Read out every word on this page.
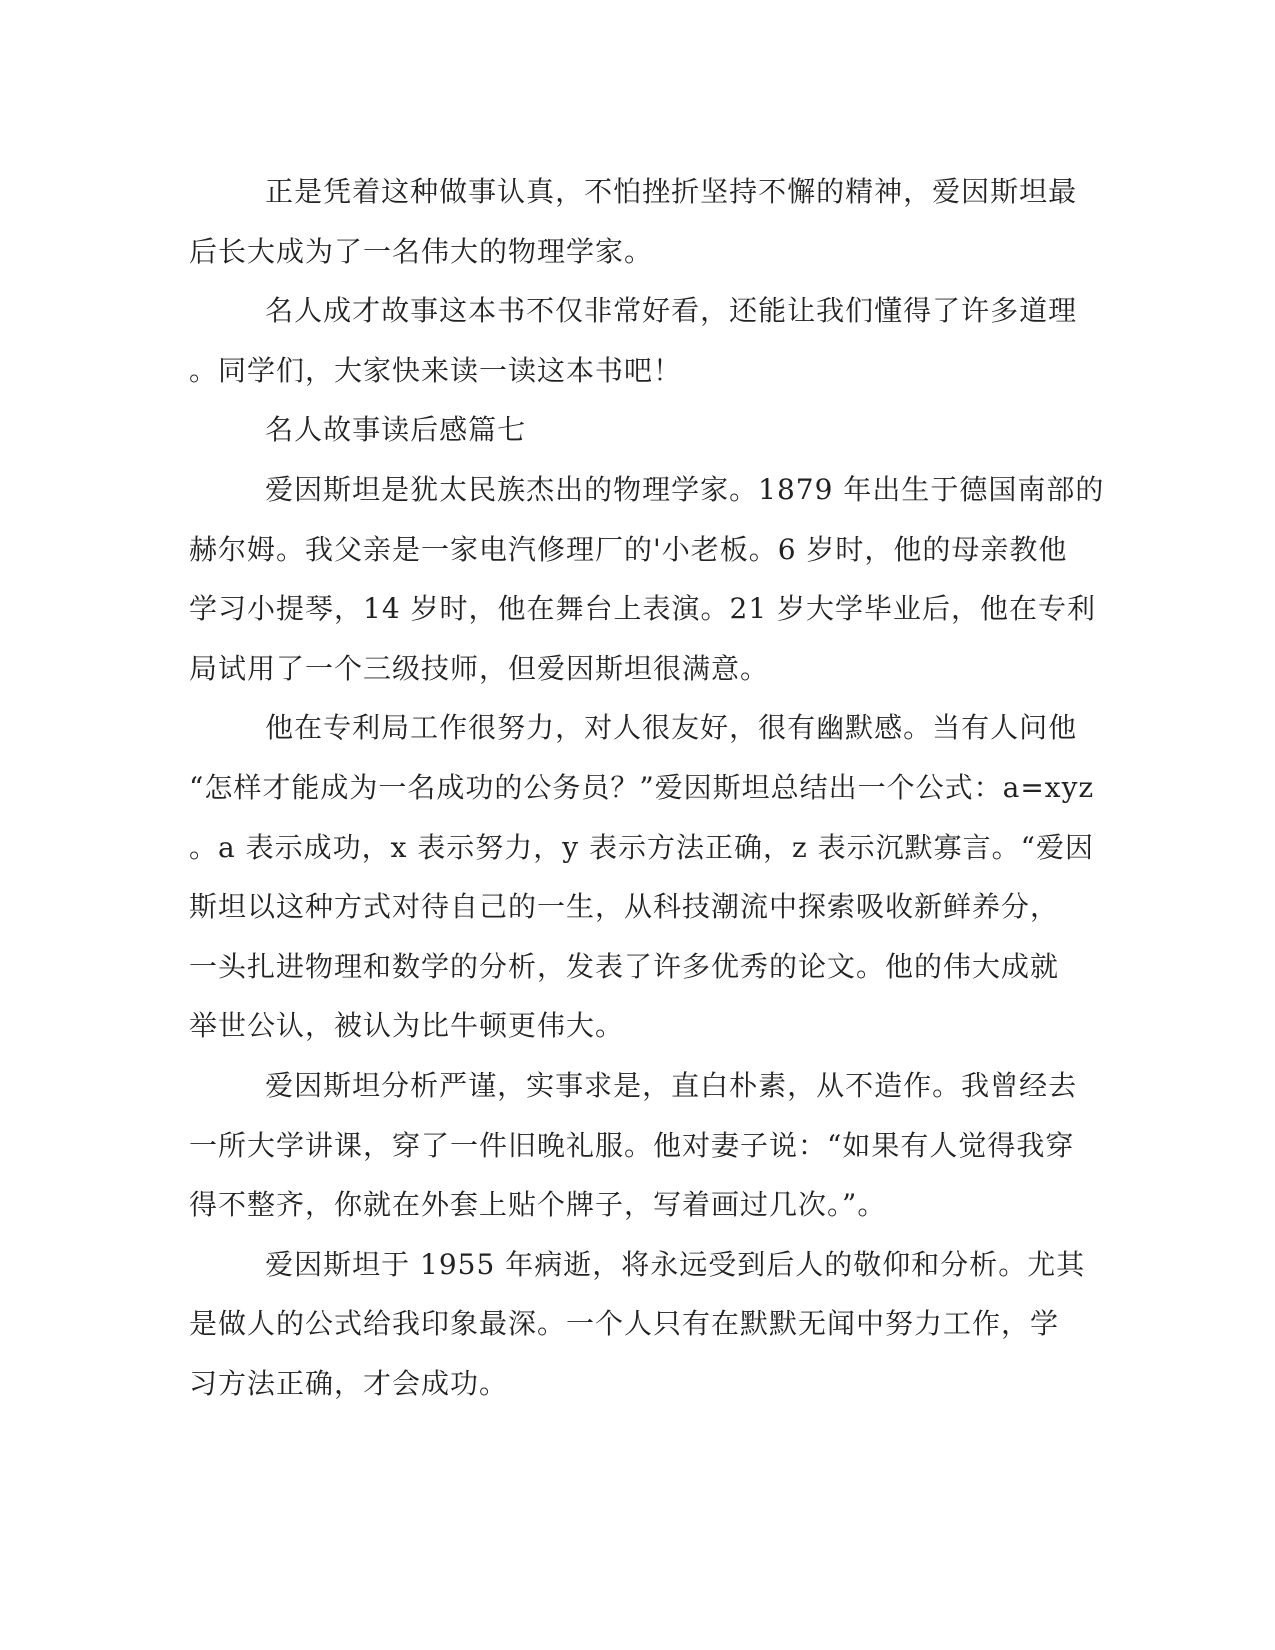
正是凭着这种做事认真，不怕挫折坚持不懈的精神，爱因斯坦最
后长大成为了一名伟大的物理学家。

名人成才故事这本书不仅非常好看，还能让我们懂得了许多道理
。同学们，大家快来读一读这本书吧！

名人故事读后感篇七

爱因斯坦是犹太民族杰出的物理学家。1879 年出生于德国南部的
赫尔姆。我父亲是一家电汽修理厂的'小老板。6 岁时，他的母亲教他
学习小提琴，14 岁时，他在舞台上表演。21 岁大学毕业后，他在专利
局试用了一个三级技师，但爱因斯坦很满意。

他在专利局工作很努力，对人很友好，很有幽默感。当有人问他
“怎样才能成为一名成功的公务员？”爱因斯坦总结出一个公式：a=xyz
。a 表示成功，x 表示努力，y 表示方法正确，z 表示沉默寡言。“爱因
斯坦以这种方式对待自己的一生，从科技潮流中探索吸收新鲜养分，
一头扎进物理和数学的分析，发表了许多优秀的论文。他的伟大成就
举世公认，被认为比牛顿更伟大。

爱因斯坦分析严谨，实事求是，直白朴素，从不造作。我曾经去
一所大学讲课，穿了一件旧晚礼服。他对妻子说：“如果有人觉得我穿
得不整齐，你就在外套上贴个牌子，写着画过几次。”。

爱因斯坦于 1955 年病逝，将永远受到后人的敬仰和分析。尤其
是做人的公式给我印象最深。一个人只有在默默无闻中努力工作，学
习方法正确，才会成功。
